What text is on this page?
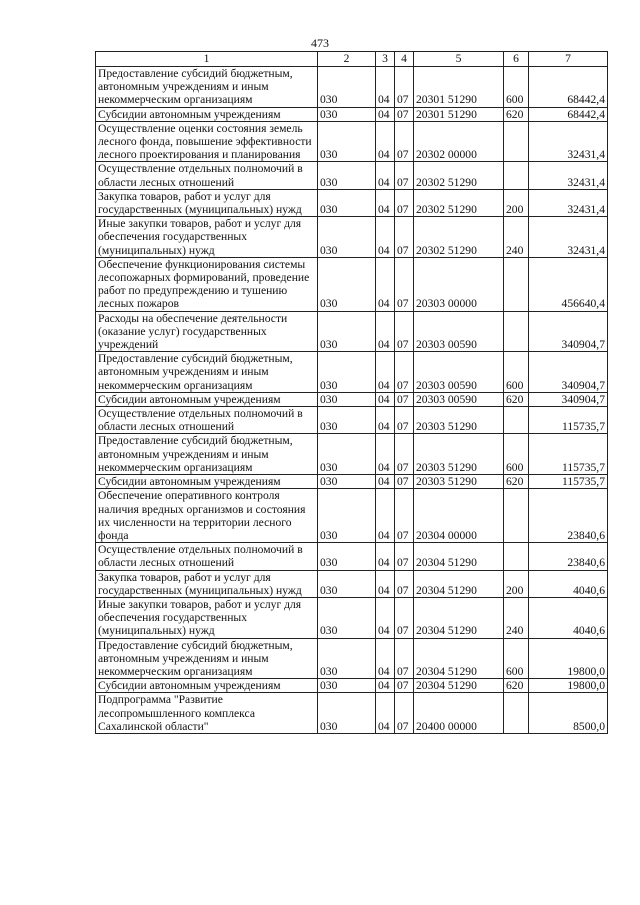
473
1	2	3	4	5	6	7
Предоставление субсидий бюджетным, автономным учреждениям и иным некоммерческим организациям	030	04	07	20301 51290	600	68442,4
Субсидии автономным учреждениям	030	04	07	20301 51290	620	68442,4
Осуществление оценки состояния земель лесного фонда, повышение эффективности лесного проектирования и планирования	030	04	07	20302 00000		32431,4
Осуществление отдельных полномочий в области лесных отношений	030	04	07	20302 51290		32431,4
Закупка товаров, работ и услуг для государственных (муниципальных) нужд	030	04	07	20302 51290	200	32431,4
Иные закупки товаров, работ и услуг для обеспечения государственных (муниципальных) нужд	030	04	07	20302 51290	240	32431,4
Обеспечение функционирования системы лесопожарных формирований, проведение работ по предупреждению и тушению лесных пожаров	030	04	07	20303 00000		456640,4
Расходы на обеспечение деятельности (оказание услуг) государственных учреждений	030	04	07	20303 00590		340904,7
Предоставление субсидий бюджетным, автономным учреждениям и иным некоммерческим организациям	030	04	07	20303 00590	600	340904,7
Субсидии автономным учреждениям	030	04	07	20303 00590	620	340904,7
Осуществление отдельных полномочий в области лесных отношений	030	04	07	20303 51290		115735,7
Предоставление субсидий бюджетным, автономным учреждениям и иным некоммерческим организациям	030	04	07	20303 51290	600	115735,7
Субсидии автономным учреждениям	030	04	07	20303 51290	620	115735,7
Обеспечение оперативного контроля наличия вредных организмов и состояния их численности на территории лесного фонда	030	04	07	20304 00000		23840,6
Осуществление отдельных полномочий в области лесных отношений	030	04	07	20304 51290		23840,6
Закупка товаров, работ и услуг для государственных (муниципальных) нужд	030	04	07	20304 51290	200	4040,6
Иные закупки товаров, работ и услуг для обеспечения государственных (муниципальных) нужд	030	04	07	20304 51290	240	4040,6
Предоставление субсидий бюджетным, автономным учреждениям и иным некоммерческим организациям	030	04	07	20304 51290	600	19800,0
Субсидии автономным учреждениям	030	04	07	20304 51290	620	19800,0
Подпрограмма "Развитие лесопромышленного комплекса Сахалинской области"	030	04	07	20400 00000		8500,0
